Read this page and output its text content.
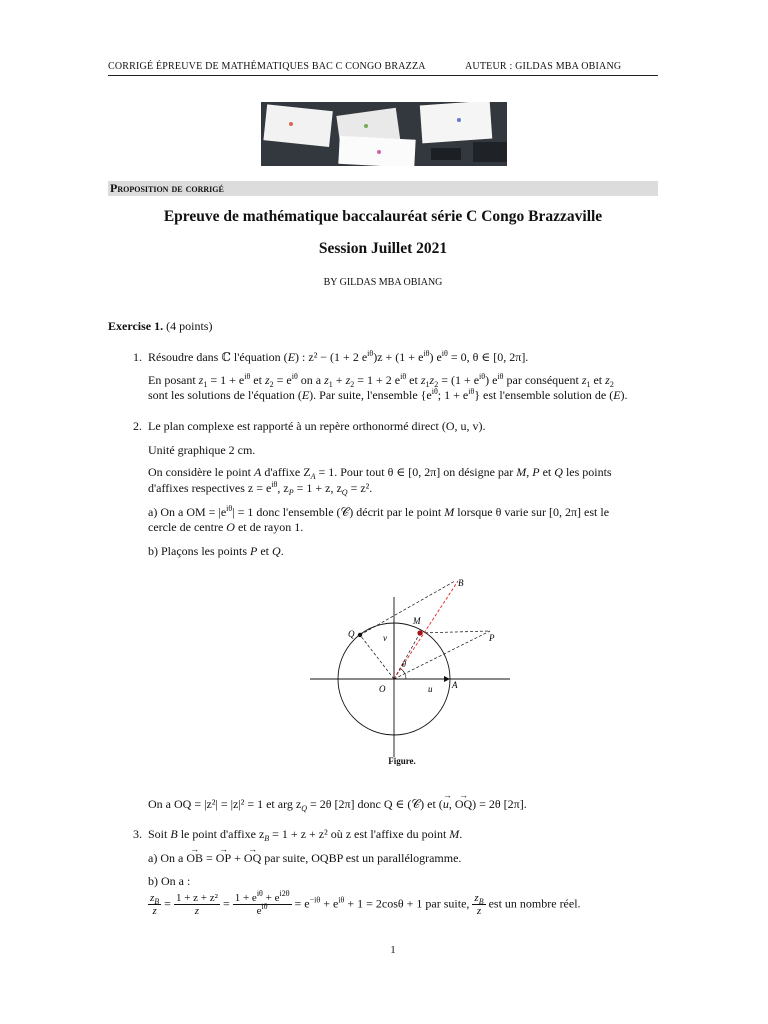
CORRIGÉ ÉPREUVE DE MATHÉMATIQUES BAC C CONGO BRAZZA	AUTEUR : GILDAS MBA OBIANG
Proposition de corrigé
Epreuve de mathématique baccalauréat série C Congo Brazzaville
Session Juillet 2021
BY GILDAS MBA OBIANG
Exercise 1. (4 points)
1. Résoudre dans ℂ l'équation (E) : z² − (1 + 2 $e^{i\theta})z + (1 + e^{i\theta})$ $e^{i\theta} = 0$, θ ∈ [0, 2π].
En posant $z_1 = 1 + e^{i\theta}$ et $z_2 = e^{i\theta}$ on a $z_1 + z_2 = 1 + 2$ $e^{i\theta}$ et $z_1z_2 = (1 + e^{i\theta})$ $e^{i\theta}$ par conséquent $z_1$ et $z_2$
sont les solutions de l'équation (E). Par suite, l'ensemble {$e^{i\theta}$; $1 + e^{i\theta}$} est l'ensemble solution de (E).
2. Le plan complexe est rapporté à un repère orthonormé direct (O, u, v).
Unité graphique 2 cm.
On considère le point A d'affixe $Z_A = 1$. Pour tout θ ∈ [0, 2π] on désigne par M, P et Q les points
d'affixes respectives $z = e^{i\theta}$, $z_P = 1 + z$, $z_Q = z^2$.
a) On a OM = $|e^{i\theta}| = 1$ donc l'ensemble (𝒞) décrit par le point M lorsque θ varie sur [0, 2π] est le
cercle de centre O et de rayon 1.
b) Plaçons les points P et Q.
B
M
Q	P
v
θ
O	u A
Figure.
On a OQ = |z²| = |z|² = 1 et arg $z_Q = 2\theta$ [2π] donc Q ∈ (𝒞) et (→ u, → OQ) = 2θ [2π].
3. Soit B le point d'affixe $z_B = 1 + z + z^2$ où z est l'affixe du point M.
a) On a → OB = → OP + → OQ par suite, OQBP est un parallélogramme.
b) On a :
$\frac{z_B}{z} = \frac{\text{1 + z + z²}}{z} = \frac{1 + e^{i\theta} + e^{i2\theta}}{e^{i\theta}} = e^{-i\theta} + e^{i\theta} + 1 = 2\cos\theta + 1$ par suite, $\frac{z_B}{z}$ est un nombre réel.
1
